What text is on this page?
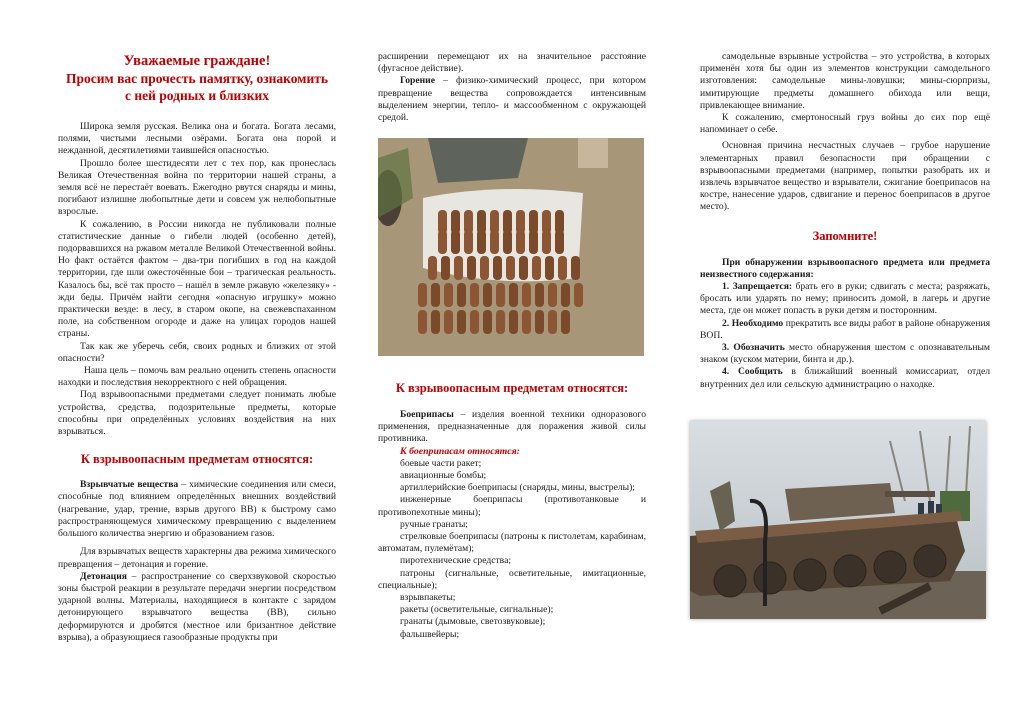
Уважаемые граждане!
Просим вас прочесть памятку, ознакомить
с ней родных и близких

Широка земля русская. Велика она и богата. Богата лесами, полями, чистыми лесными озёрами. Богата она порой и нежданной, десятилетиями таившейся опасностью.

Прошло более шестидесяти лет с тех пор, как пронеслась Великая Отечественная война по территории нашей страны, а земля всё не перестаёт воевать. Ежегодно рвутся снаряды и мины, погибают излишне любопытные дети и совсем уж нелюбопытные взрослые.

К сожалению, в России никогда не публиковали полные статистические данные о гибели людей (особенно детей), подорвавшихся на ржавом металле Великой Отечественной войны. Но факт остаётся фактом – два-три погибших в год на каждой территории, где шли ожесточённые бои – трагическая реальность. Казалось бы, всё так просто – нашёл в земле ржавую «железяку» - жди беды. Причём найти сегодня «опасную игрушку» можно практически везде: в лесу, в старом окопе, на свежевспаханном поле, на собственном огороде и даже на улицах городов нашей страны.

Так как же уберечь себя, своих родных и близких от этой опасности?

Наша цель – помочь вам реально оценить степень опасности находки и последствия некорректного с ней обращения.

Под взрывоопасными предметами следует понимать любые устройства, средства, подозрительные предметы, которые способны при определённых условиях воздействия на них взрываться.

К взрывоопасным предметам относятся:

Взрывчатые вещества – химические соединения или смеси, способные под влиянием определённых внешних воздействий (нагревание, удар, трение, взрыв другого ВВ) к быстрому само распространяющемуся химическому превращению с выделением большого количества энергию и образованием газов.

Для взрывчатых веществ характерны два режима химического превращения – детонация и горение.

Детонация – распространение со сверхзвуковой скоростью зоны быстрой реакции в результате передачи энергии посредством ударной волны. Материалы, находящиеся в контакте с зарядом детонирующего взрывчатого вещества (ВВ), сильно деформируются и дробятся (местное или бризантное действие взрыва), а образующиеся газообразные продукты при

расширении перемещают их на значительное расстояние (фугасное действие).

Горение – физико-химический процесс, при котором превращение вещества сопровождается интенсивным выделением энергии, тепло- и массообменном с окружающей средой.

К взрывоопасным предметам относятся:

Боеприпасы – изделия военной техники одноразового применения, предназначенные для поражения живой силы противника.

К боеприпасам относятся:

боевые части ракет;

авиационные бомбы;

артиллерийские боеприпасы (снаряды, мины, выстрелы);

инженерные боеприпасы (противотанковые и противопехотные мины);

ручные гранаты;

стрелковые боеприпасы (патроны к пистолетам, карабинам, автоматам, пулемётам);

пиротехнические средства;

патроны (сигнальные, осветительные, имитационные, специальные);

взрывпакеты;

ракеты (осветительные, сигнальные);

гранаты (дымовые, светозвуковые);

фальшвейеры;

самодельные взрывные устройства – это устройства, в которых применён хотя бы один из элементов конструкции самодельного изготовления: самодельные мины-ловушки; мины-сюрпризы, имитирующие предметы домашнего обихода или вещи, привлекающее внимание.

К сожалению, смертоносный груз войны до сих пор ещё напоминает о себе.

Основная причина несчастных случаев – грубое нарушение элементарных правил безопасности при обращении с взрывоопасными предметами (например, попытки разобрать их и извлечь взрывчатое вещество и взрыватели, сжигание боеприпасов на костре, нанесение ударов, сдвигание и перенос боеприпасов в другое место).

Запомните!

При обнаружении взрывоопасного предмета или предмета неизвестного содержания:

1. Запрещается: брать его в руки; сдвигать с места; разряжать, бросать или ударять по нему; приносить домой, в лагерь и другие места, где он может попасть в руки детям и посторонним.

2. Необходимо прекратить все виды работ в районе обнаружения ВОП.

3. Обозначить место обнаружения шестом с опознавательным знаком (куском материи, бинта и др.).

4. Сообщить в ближайший военный комиссариат, отдел внутренних дел или сельскую администрацию о находке.
